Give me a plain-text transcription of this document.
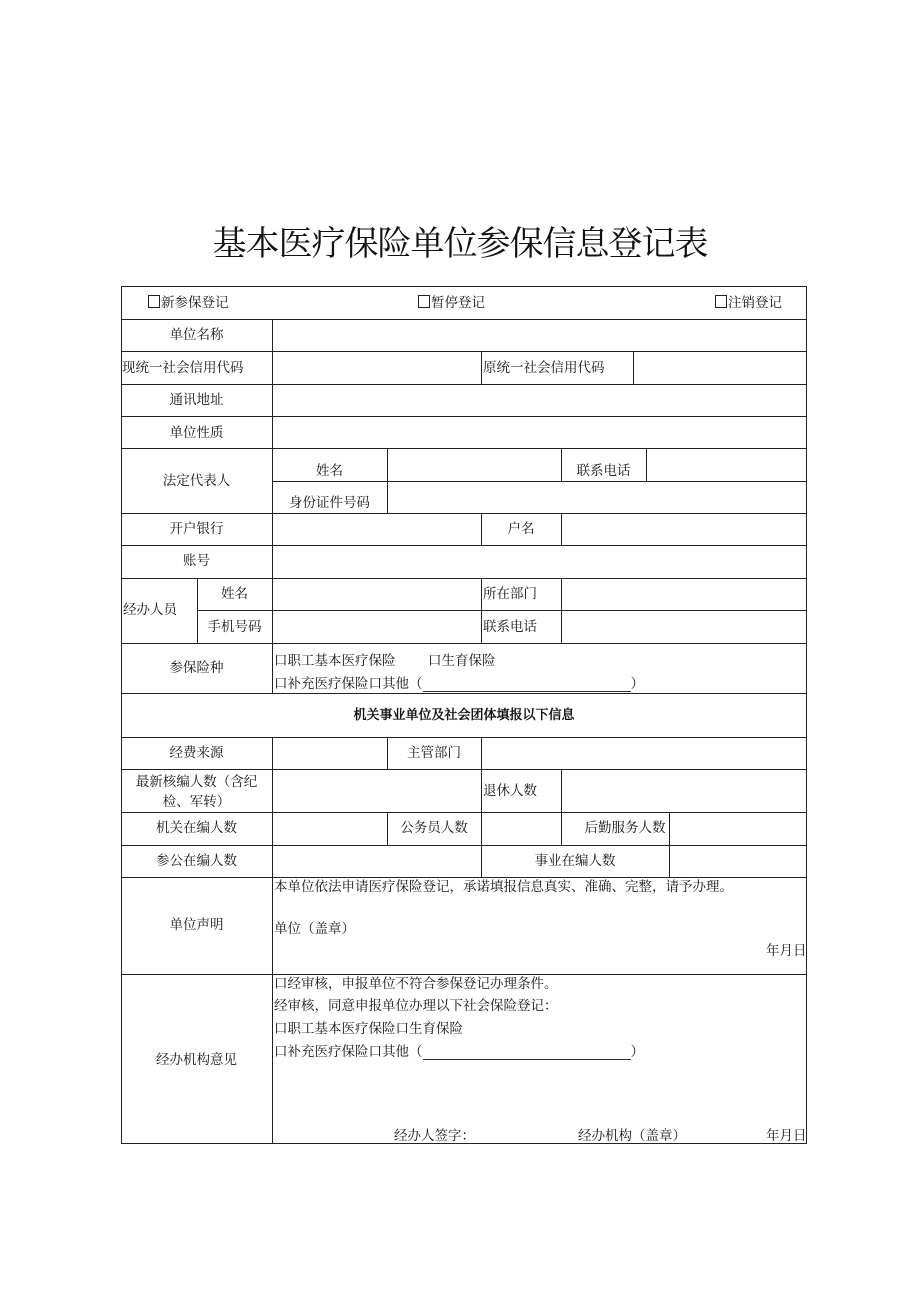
基本医疗保险单位参保信息登记表
新参保登记	暂停登记	注销登记
单位名称
现统一社会信用代码	原统一社会信用代码
通讯地址
单位性质
法定代表人
姓名	联系电话
身份证件号码
开户银行	户名
账号
经办人员
姓名	所在部门
手机号码	联系电话
参保险种	口职工基本医疗保险 口生育保险
口补充医疗保险口其他（	）
机关事业单位及社会团体填报以下信息
经费来源	主管部门
最新核编人数（含纪
检、军转）
退休人数
机关在编人数	公务员人数	后勤服务人数
参公在编人数	事业在编人数
单位声明
本单位依法申请医疗保险登记，承诺填报信息真实、准确、完整，请予办理。
单位（盖章）
年月日
经办机构意见
口经审核，申报单位不符合参保登记办理条件。
经审核，同意申报单位办理以下社会保险登记：
口职工基本医疗保险口生育保险
口补充医疗保险口其他（	）
经办人签字：	经办机构（盖章）	年月日
